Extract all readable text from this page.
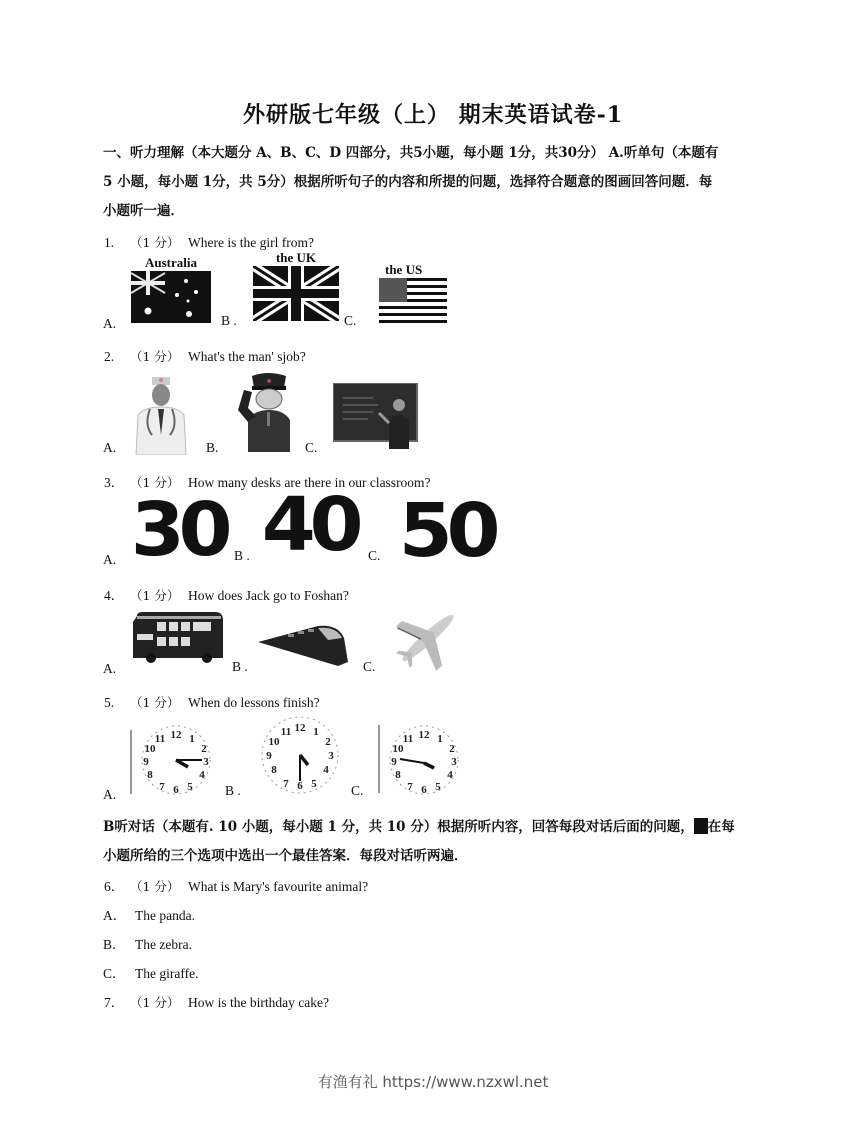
外研版七年级（上） 期末英语试卷-1
一、听力理解（本大题分 A、B、C、D 四部分，共5小题，每小题 1分，共30分） A.听单句（本题有
5 小题，每小题 1分，共 5分）根据所听句子的内容和所提的问题，选择符合题意的图画回答问题．每
小题听一遍．
1. （1 分） Where is the girl from?
A.
Australia
B .
the UK
C.
the US
2. （1 分） What's the man' sjob?
A.	B.	C.
3． （1 分） How many desks are there in our classroom?
A. 30 B . 40 C. 50
4． （1 分） How does Jack go to Foshan?
A.	B .	C.
5. （1 分） When do lessons finish?
A.
12 1
2
3
4
5
6
7
8
9
10
11
B .
12 1
2
3
4
5
6
7
8
9
10
11
C.
12 1
2
3
4
5
6
7
8
9
10
11
B听对话（本题有. 10 小题，每小题 1 分，共 10 分）根据所听内容，回答每段对话后面的问题， 在每
小题所给的三个选项中选出一个最佳答案．每段对话听两遍．
6． （1 分） What is Mary's favourite animal?
A． The panda.
B． The zebra.
C． The giraffe.
7． （1 分） How is the birthday cake?
有渔有礼 https://www.nzxwl.net
